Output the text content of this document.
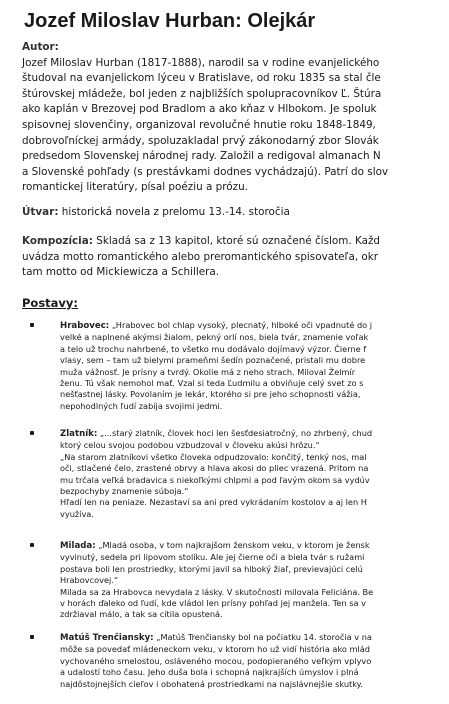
Jozef Miloslav Hurban: Olejkár
Autor:
Jozef Miloslav Hurban (1817-1888), narodil sa v rodine evanjelického
študoval na evanjelickom lýceu v Bratislave, od roku 1835 sa stal čle
štúrovskej mládeže, bol jeden z najbližších spolupracovníkov Ľ. Štúra
ako kaplán v Brezovej pod Bradlom a ako kňaz v Hlbokom. Je spoluk
spisovnej slovenčiny, organizoval revolučné hnutie roku 1848-1849,
dobrovoľníckej armády, spoluzakladal prvý zákonodarný zbor Slovák
predsedom Slovenskej národnej rady. Založil a redigoval almanach N
a Slovenské pohľady (s prestávkami dodnes vychádzajú). Patrí do slov
romantickej literatúry, písal poéziu a prózu.
Útvar: historická novela z prelomu 13.-14. storočia
Kompozícia: Skladá sa z 13 kapitol, ktoré sú označené číslom. Každ
uvádza motto romantického alebo preromantického spisovateľa, okr
tam motto od Mickiewicza a Schillera.
Postavy:
Hrabovec: „Hrabovec bol chlap vysoký, plecnatý, hlboké oči vpadnuté do j
velké a naplnené akýmsi žialom, pekný orlí nos, biela tvár, znamenie voľak
a telo už trochu nahrbené, to všetko mu dodávalo dojímavý výzor. Čierne f
vlasy, sem – tam už bielymi prameňmi šedín poznačené, pristali mu dobre
muža vážnosť. Je prísny a tvrdý. Okolie má z neho strach. Miloval Želmír
ženu. Tú však nemohol mať. Vzal si teda Ľudmilu a obviňuje celý svet zo s
nešťastnej lásky. Povolaním je lekár, ktorého si pre jeho schopnosti vážia,
nepohodlných ľudí zabíja svojimi jedmi.
Zlatník: „...starý zlatník, človek hoci len šesťdesiatročný, no zhrbený, chud
ktorý celou svojou podobou vzbudzoval v človeku akúsi hrôzu.“
„Na starom zlatníkovi všetko človeka odpudzovalo: končitý, tenký nos, mal
oči, stlačené čelo, zrastené obrvy a hlava akosi do pliec vrazená. Pritom na
mu trčala veľká bradavica s niekoľkými chlpmi a pod ľavým okom sa vydúv
bezpochyby znamenie súboja.“
Hľadí len na peniaze. Nezastaví sa ani pred vykrádaním kostolov a aj len H
využíva.
Milada: „Mladá osoba, v tom najkrajšom ženskom veku, v ktorom je žensk
vyvinutý, sedela pri lipovom stolíku. Ale jej čierne oči a biela tvár s ružami
postava boli len prostriedky, ktorými javil sa hlboký žiaľ, previevajúci celú
Hrabovcovej.“
Milada sa za Hrabovca nevydala z lásky. V skutočnosti milovala Feliciána. Be
v horách ďaleko od ľudí, kde vládol len prísny pohľad jej manžela. Ten sa v
zdržiaval málo, a tak sa cítila opustená.
Matúš Trenčiansky: „Matúš Trenčiansky bol na počiatku 14. storočia v na
môže sa povedať mládeneckom veku, v ktorom ho už vidí história ako mlád
vychovaného smelostou, osláveného mocou, podopieraného veľkým vplyvo
a udalostí toho času. Jeho duša bola i schopná najkrajších úmyslov i plná
najdôstojnejších cieľov i obohatená prostriedkami na najslávnejšie skutky.
